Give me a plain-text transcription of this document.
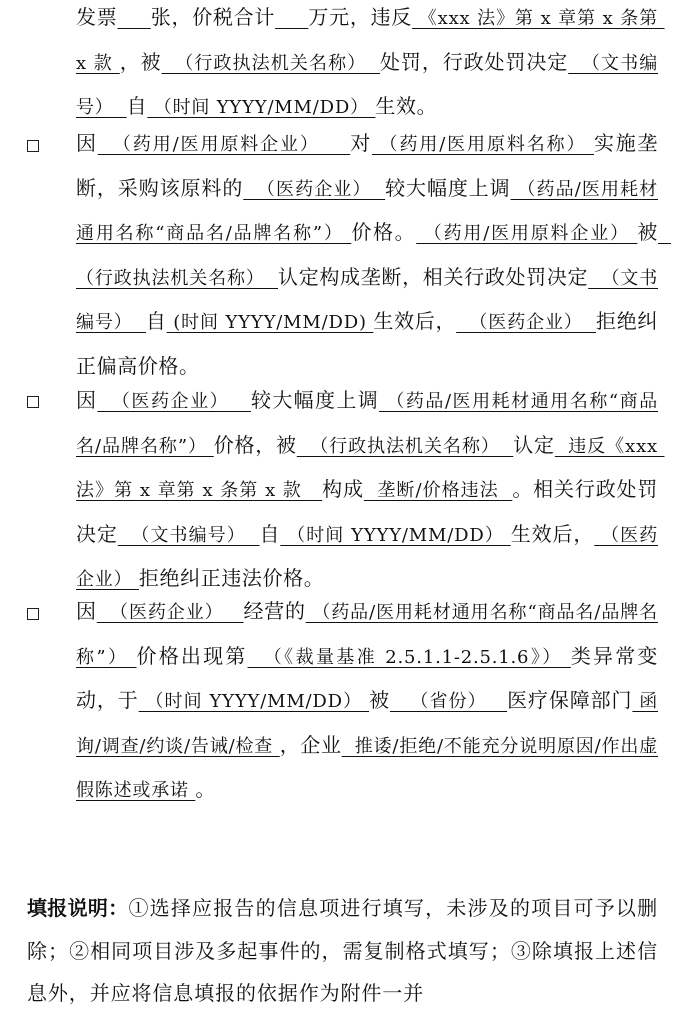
发票 张，价税合计 万元，违反 《xxx 法》第 x 章第 x 条第 x 款 ，被  （行政执法机关名称）  处罚，行政处罚决定  （文书编号）  自 （时间 YYYY/MM/DD） 生效。
因  （药用/医用原料企业）    对 （药用/医用原料名称） 实施垄断，采购该原料的  （医药企业）  较大幅度上调 （药品/医用耗材通用名称“商品名/品牌名称”） 价格。 （药用/医用原料企业） 被  （行政执法机关名称）  认定构成垄断，相关行政处罚决定  （文书编号）  自 (时间 YYYY/MM/DD) 生效后，  （医药企业）  拒绝纠正偏高价格。
因  （医药企业）   较大幅度上调 （药品/医用耗材通用名称“商品名/品牌名称”） 价格，被  （行政执法机关名称）  认定  违反《xxx 法》第 x 章第 x 条第 x 款   构成  垄断/价格违法  。相关行政处罚决定  （文书编号）  自 （时间 YYYY/MM/DD） 生效后， （医药企业） 拒绝纠正违法价格。
因  （医药企业）   经营的 （药品/医用耗材通用名称“商品名/品牌名称”） 价格出现第  （《裁量基准 2.5.1.1-2.5.1.6》） 类异常变动，于 （时间 YYYY/MM/DD） 被   （省份）   医疗保障部门 函询/调查/约谈/告诫/检查 ，企业  推诿/拒绝/不能充分说明原因/作出虚假陈述或承诺 。
填报说明：①选择应报告的信息项进行填写，未涉及的项目可予以删除；②相同项目涉及多起事件的，需复制格式填写；③除填报上述信息外，并应将信息填报的依据作为附件一并
